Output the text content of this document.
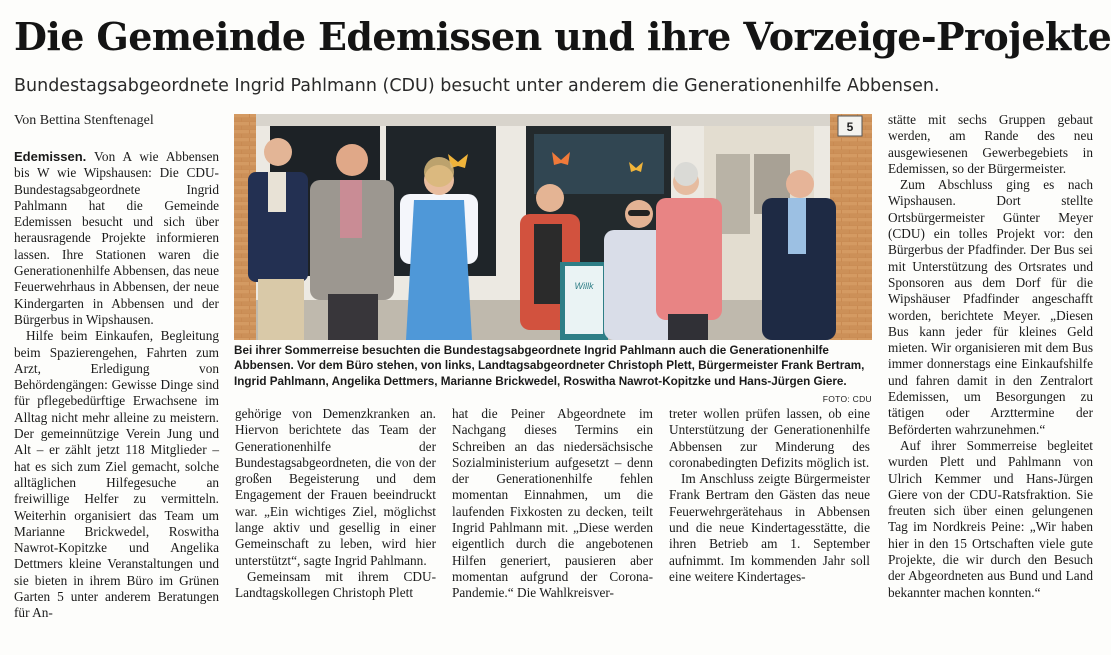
Die Gemeinde Edemissen und ihre Vorzeige-Projekte
Bundestagsabgeordnete Ingrid Pahlmann (CDU) besucht unter anderem die Generationenhilfe Abbensen.
Von Bettina Stenftenagel

Edemissen. Von A wie Abbensen bis W wie Wipshausen: Die CDU-Bundestagsabgeordnete Ingrid Pahlmann hat die Gemeinde Edemissen besucht und sich über herausragende Projekte informieren lassen. Ihre Stationen waren die Generationenhilfe Abbensen, das neue Feuerwehrhaus in Abbensen, der neue Kindergarten in Abbensen und der Bürgerbus in Wipshausen.

Hilfe beim Einkaufen, Begleitung beim Spazierengehen, Fahrten zum Arzt, Erledigung von Behördengängen: Gewisse Dinge sind für pflegebedürftige Erwachsene im Alltag nicht mehr alleine zu meistern. Der gemeinnützige Verein Jung und Alt – er zählt jetzt 118 Mitglieder – hat es sich zum Ziel gemacht, solche alltäglichen Hilfegesuche an freiwillige Helfer zu vermitteln. Weiterhin organisiert das Team um Marianne Brickwedel, Roswitha Nawrot-Kopitzke und Angelika Dettmers kleine Veranstaltungen und sie bieten in ihrem Büro im Grünen Garten 5 unter anderem Beratungen für An-

5
Willk
Bei ihrer Sommerreise besuchten die Bundestagsabgeordnete Ingrid Pahlmann auch die Generationenhilfe Abbensen. Vor dem Büro stehen, von links, Landtagsabgeordneter Christoph Plett, Bürgermeister Frank Bertram, Ingrid Pahlmann, Angelika Dettmers, Marianne Brickwedel, Roswitha Nawrot-Kopitzke und Hans-Jürgen Giere.
FOTO: CDU

gehörige von Demenzkranken an. Hiervon berichtete das Team der Generationenhilfe der Bundestagsabgeordneten, die von der großen Begeisterung und dem Engagement der Frauen beeindruckt war. „Ein wichtiges Ziel, möglichst lange aktiv und gesellig in einer Gemeinschaft zu leben, wird hier unterstützt“, sagte Ingrid Pahlmann.

Gemeinsam mit ihrem CDU-Landtagskollegen Christoph Plett

hat die Peiner Abgeordnete im Nachgang dieses Termins ein Schreiben an das niedersächsische Sozialministerium aufgesetzt – denn der Generationenhilfe fehlen momentan Einnahmen, um die laufenden Fixkosten zu decken, teilt Ingrid Pahlmann mit. „Diese werden eigentlich durch die angebotenen Hilfen generiert, pausieren aber momentan aufgrund der Corona-Pandemie.“ Die Wahlkreisver-

treter wollen prüfen lassen, ob eine Unterstützung der Generationenhilfe Abbensen zur Minderung des coronabedingten Defizits möglich ist.

Im Anschluss zeigte Bürgermeister Frank Bertram den Gästen das neue Feuerwehrgerätehaus in Abbensen und die neue Kindertagesstätte, die ihren Betrieb am 1. September aufnimmt. Im kommenden Jahr soll eine weitere Kindertages-

stätte mit sechs Gruppen gebaut werden, am Rande des neu ausgewiesenen Gewerbegebiets in Edemissen, so der Bürgermeister.

Zum Abschluss ging es nach Wipshausen. Dort stellte Ortsbürgermeister Günter Meyer (CDU) ein tolles Projekt vor: den Bürgerbus der Pfadfinder. Der Bus sei mit Unterstützung des Ortsrates und Sponsoren aus dem Dorf für die Wipshäuser Pfadfinder angeschafft worden, berichtete Meyer. „Diesen Bus kann jeder für kleines Geld mieten. Wir organisieren mit dem Bus immer donnerstags eine Einkaufshilfe und fahren damit in den Zentralort Edemissen, um Besorgungen zu tätigen oder Arzttermine der Beförderten wahrzunehmen.“

Auf ihrer Sommerreise begleitet wurden Plett und Pahlmann von Ulrich Kemmer und Hans-Jürgen Giere von der CDU-Ratsfraktion. Sie freuten sich über einen gelungenen Tag im Nordkreis Peine: „Wir haben hier in den 15 Ortschaften viele gute Projekte, die wir durch den Besuch der Abgeordneten aus Bund und Land bekannter machen konnten.“
